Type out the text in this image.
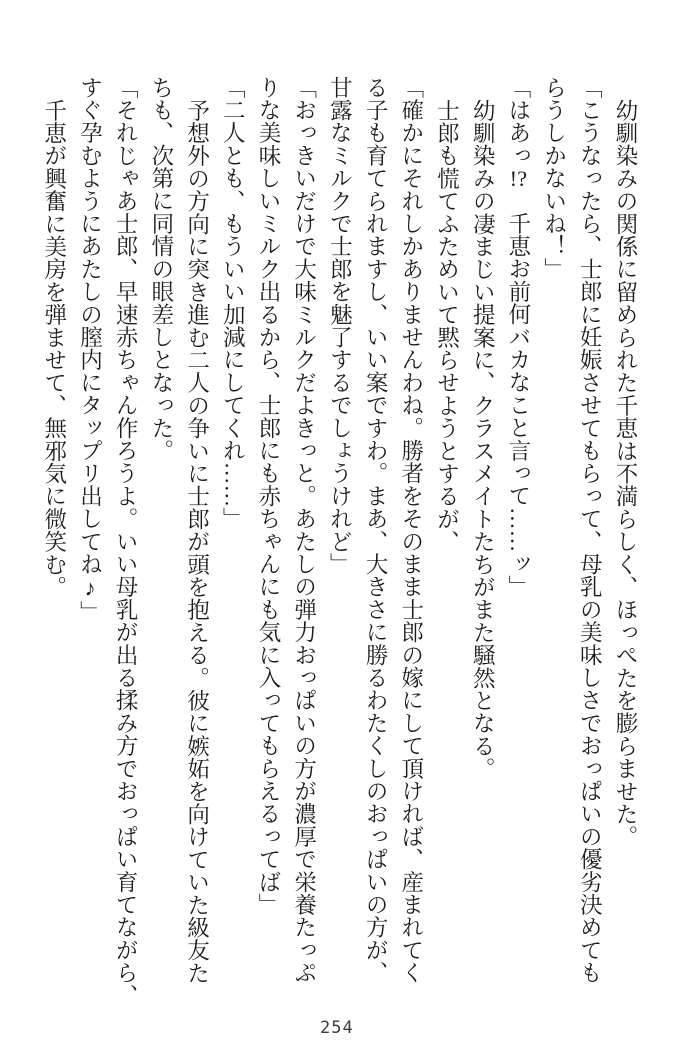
幼馴染みの関係に留められた千恵は不満らしく、ほっぺたを膨らませた。

「こうなったら、士郎に妊娠させてもらって、母乳の美味しさでおっぱいの優劣決めても

らうしかないね！」

「はあっ!?　千恵お前何バカなこと言って……ッ」

幼馴染みの凄まじい提案に、クラスメイトたちがまた騒然となる。

士郎も慌てふためいて黙らせようとするが、

「確かにそれしかありませんわね。勝者をそのまま士郎の嫁にして頂ければ、産まれてく

る子も育てられますし、いい案ですわ。まあ、大きさに勝るわたくしのおっぱいの方が、

甘露なミルクで士郎を魅了するでしょうけれど」

「おっきいだけで大味ミルクだよきっと。あたしの弾力おっぱいの方が濃厚で栄養たっぷ

りな美味しいミルク出るから、士郎にも赤ちゃんにも気に入ってもらえるってば」

「二人とも、もういい加減にしてくれ……」

予想外の方向に突き進む二人の争いに士郎が頭を抱える。彼に嫉妬を向けていた級友た

ちも、次第に同情の眼差しとなった。

「それじゃあ士郎、早速赤ちゃん作ろうよ。いい母乳が出る揉み方でおっぱい育てながら、

すぐ孕むようにあたしの膣内にタップリ出してね♪」

千恵が興奮に美房を弾ませて、無邪気に微笑む。

254
